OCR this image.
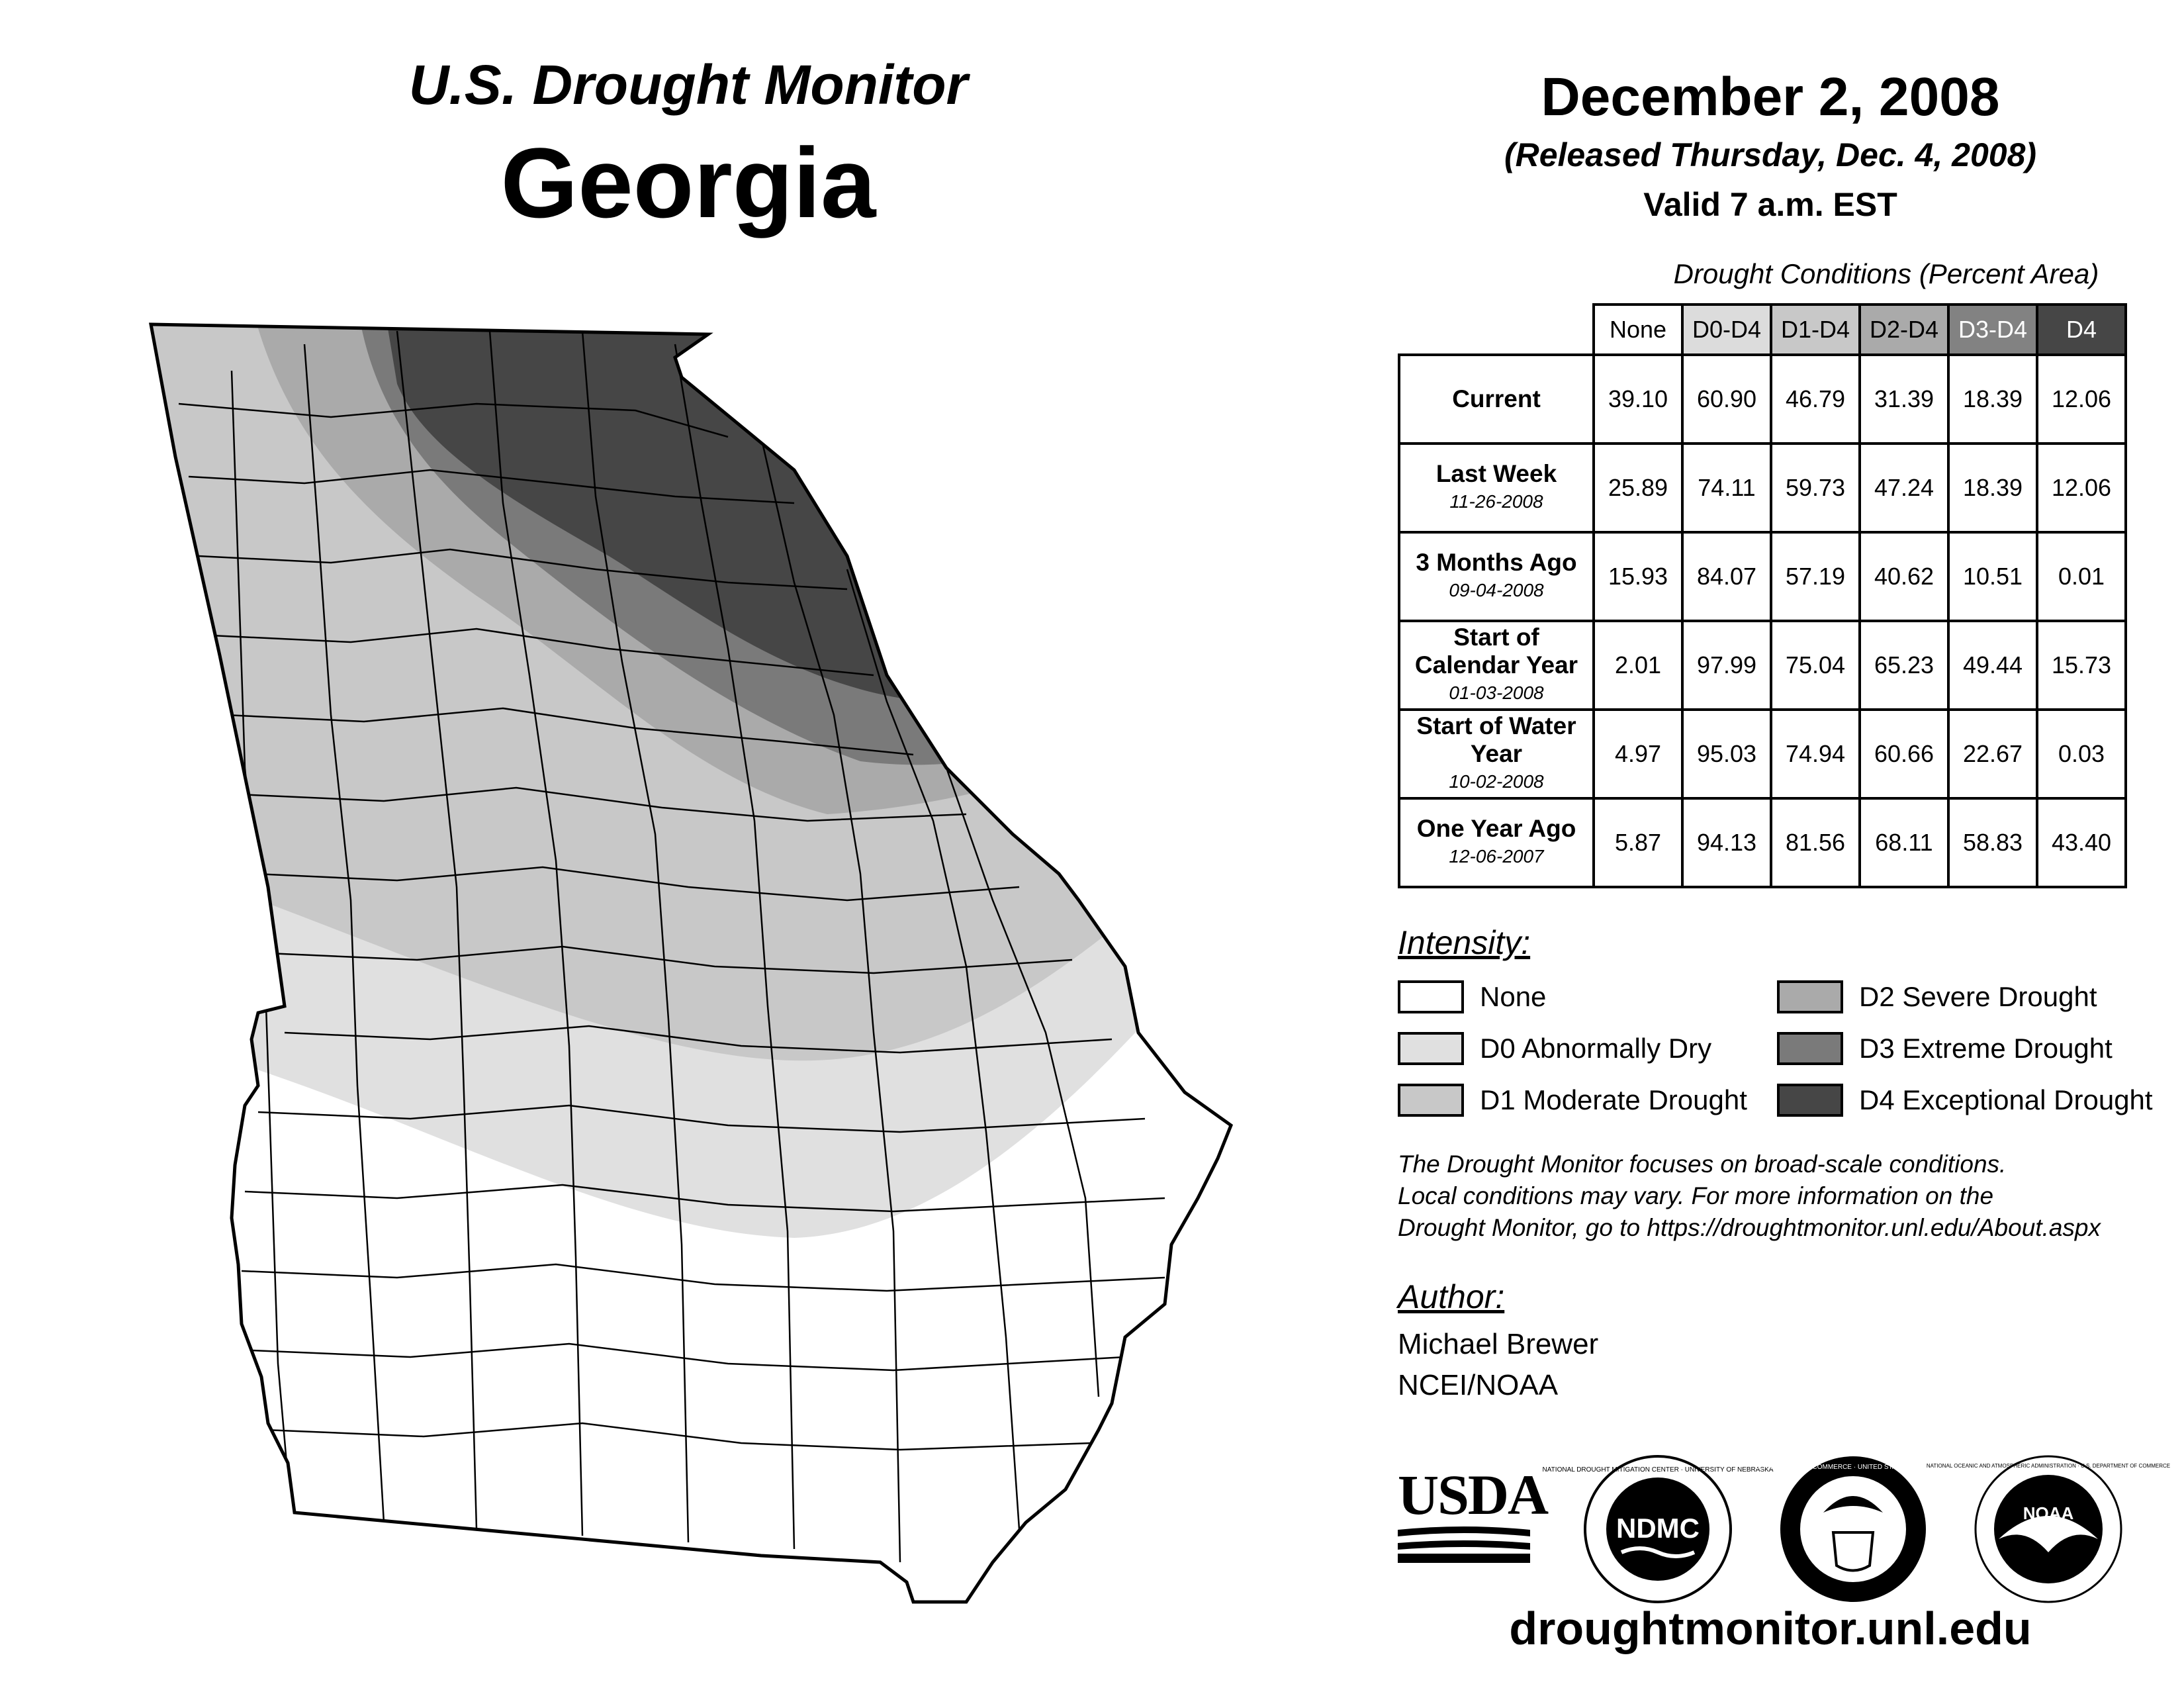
U.S. Drought Monitor
Georgia
December 2, 2008
(Released Thursday, Dec. 4, 2008)
Valid 7 a.m. EST
Drought Conditions (Percent Area)
	None	D0-D4	D1-D4	D2-D4	D3-D4	D4
Current	39.10	60.90	46.79	31.39	18.39	12.06
Last Week
11-26-2008	25.89	74.11	59.73	47.24	18.39	12.06
3 Months Ago
09-04-2008	15.93	84.07	57.19	40.62	10.51	0.01
Start of Calendar Year
01-03-2008	2.01	97.99	75.04	65.23	49.44	15.73
Start of Water Year
10-02-2008	4.97	95.03	74.94	60.66	22.67	0.03
One Year Ago
12-06-2007	5.87	94.13	81.56	68.11	58.83	43.40
Intensity:
None
D0 Abnormally Dry
D1 Moderate Drought
D2 Severe Drought
D3 Extreme Drought
D4 Exceptional Drought
The Drought Monitor focuses on broad-scale conditions.
Local conditions may vary. For more information on the
Drought Monitor, go to https://droughtmonitor.unl.edu/About.aspx
Author:
Michael Brewer
NCEI/NOAA
USDA
NDMC
NATIONAL DROUGHT MITIGATION CENTER · UNIVERSITY OF NEBRASKA
DEPARTMENT OF COMMERCE · UNITED STATES OF AMERICA
NOAA
NATIONAL OCEANIC AND ATMOSPHERIC ADMINISTRATION · U.S. DEPARTMENT OF COMMERCE
droughtmonitor.unl.edu
